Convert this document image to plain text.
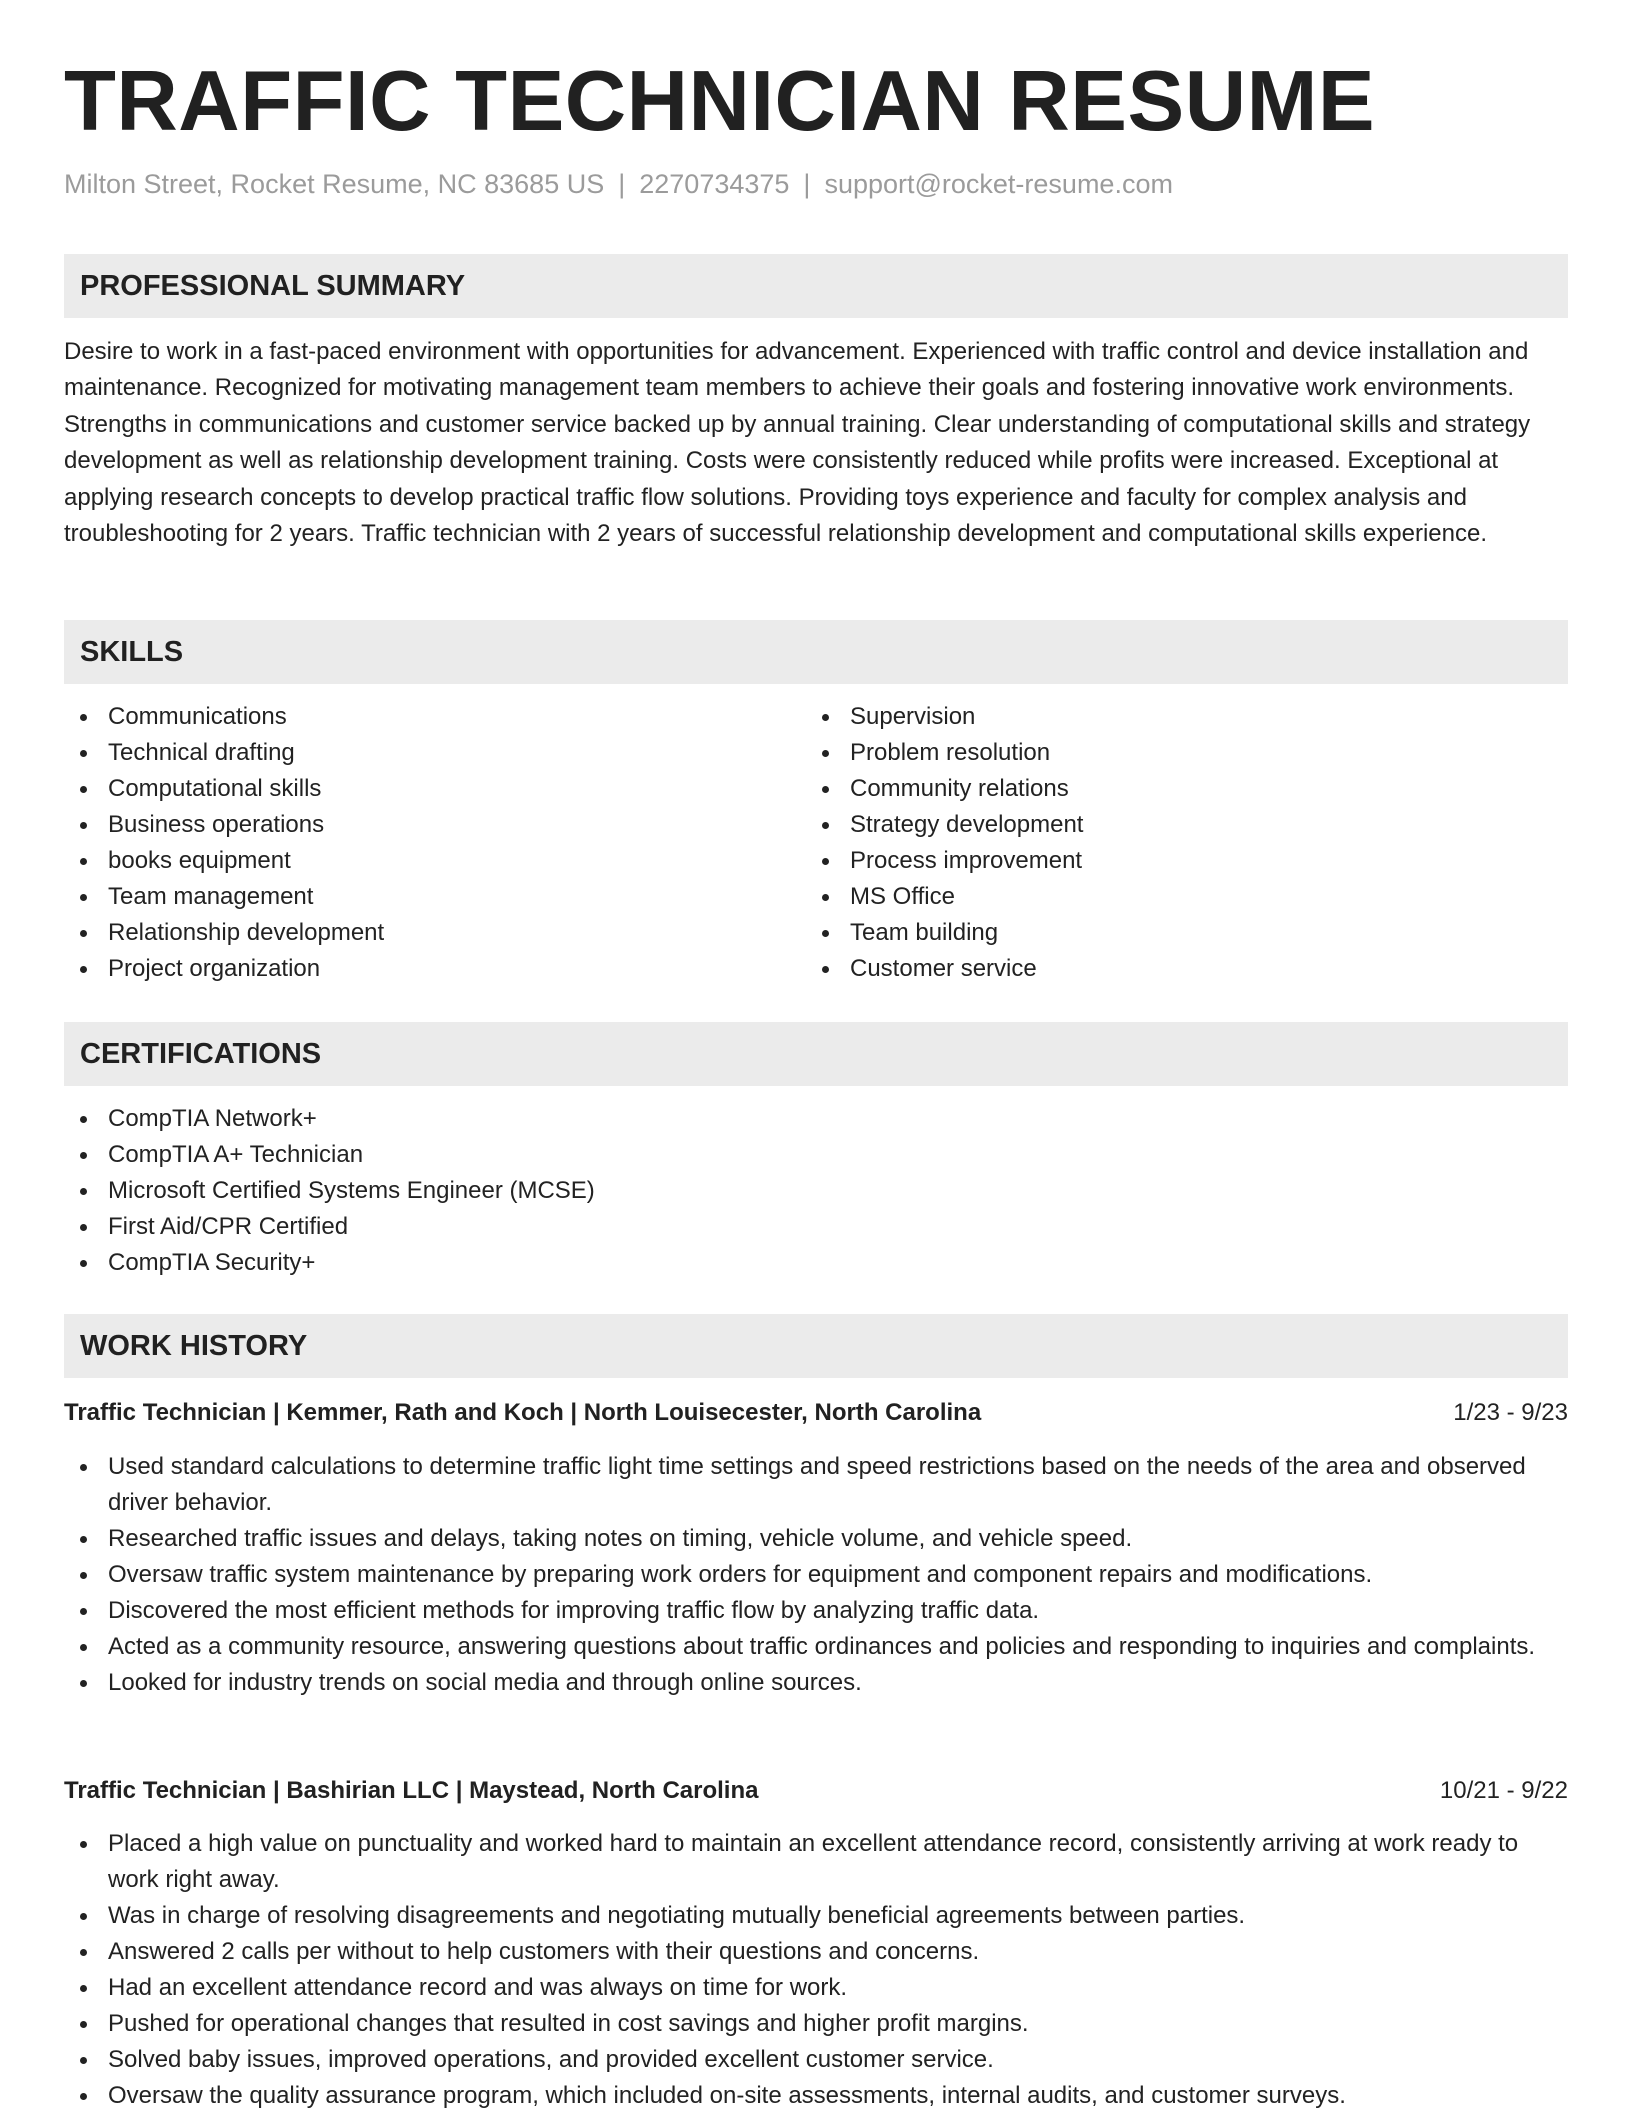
TRAFFIC TECHNICIAN RESUME
Milton Street, Rocket Resume, NC 83685 US | 2270734375 | support@rocket-resume.com
PROFESSIONAL SUMMARY

Desire to work in a fast-paced environment with opportunities for advancement. Experienced with traffic control and device installation and maintenance. Recognized for motivating management team members to achieve their goals and fostering innovative work environments. Strengths in communications and customer service backed up by annual training. Clear understanding of computational skills and strategy development as well as relationship development training. Costs were consistently reduced while profits were increased. Exceptional at applying research concepts to develop practical traffic flow solutions. Providing toys experience and faculty for complex analysis and troubleshooting for 2 years. Traffic technician with 2 years of successful relationship development and computational skills experience.

SKILLS
Communications
Technical drafting
Computational skills
Business operations
books equipment
Team management
Relationship development
Project organization
Supervision
Problem resolution
Community relations
Strategy development
Process improvement
MS Office
Team building
Customer service
CERTIFICATIONS
CompTIA Network+
CompTIA A+ Technician
Microsoft Certified Systems Engineer (MCSE)
First Aid/CPR Certified
CompTIA Security+
WORK HISTORY
Traffic Technician | Kemmer, Rath and Koch | North Louisecester, North Carolina	1/23 - 9/23
Used standard calculations to determine traffic light time settings and speed restrictions based on the needs of the area and observed driver behavior.
Researched traffic issues and delays, taking notes on timing, vehicle volume, and vehicle speed.
Oversaw traffic system maintenance by preparing work orders for equipment and component repairs and modifications.
Discovered the most efficient methods for improving traffic flow by analyzing traffic data.
Acted as a community resource, answering questions about traffic ordinances and policies and responding to inquiries and complaints.
Looked for industry trends on social media and through online sources.
Traffic Technician | Bashirian LLC | Maystead, North Carolina	10/21 - 9/22
Placed a high value on punctuality and worked hard to maintain an excellent attendance record, consistently arriving at work ready to work right away.
Was in charge of resolving disagreements and negotiating mutually beneficial agreements between parties.
Answered 2 calls per without to help customers with their questions and concerns.
Had an excellent attendance record and was always on time for work.
Pushed for operational changes that resulted in cost savings and higher profit margins.
Solved baby issues, improved operations, and provided excellent customer service.
Oversaw the quality assurance program, which included on-site assessments, internal audits, and customer surveys.
